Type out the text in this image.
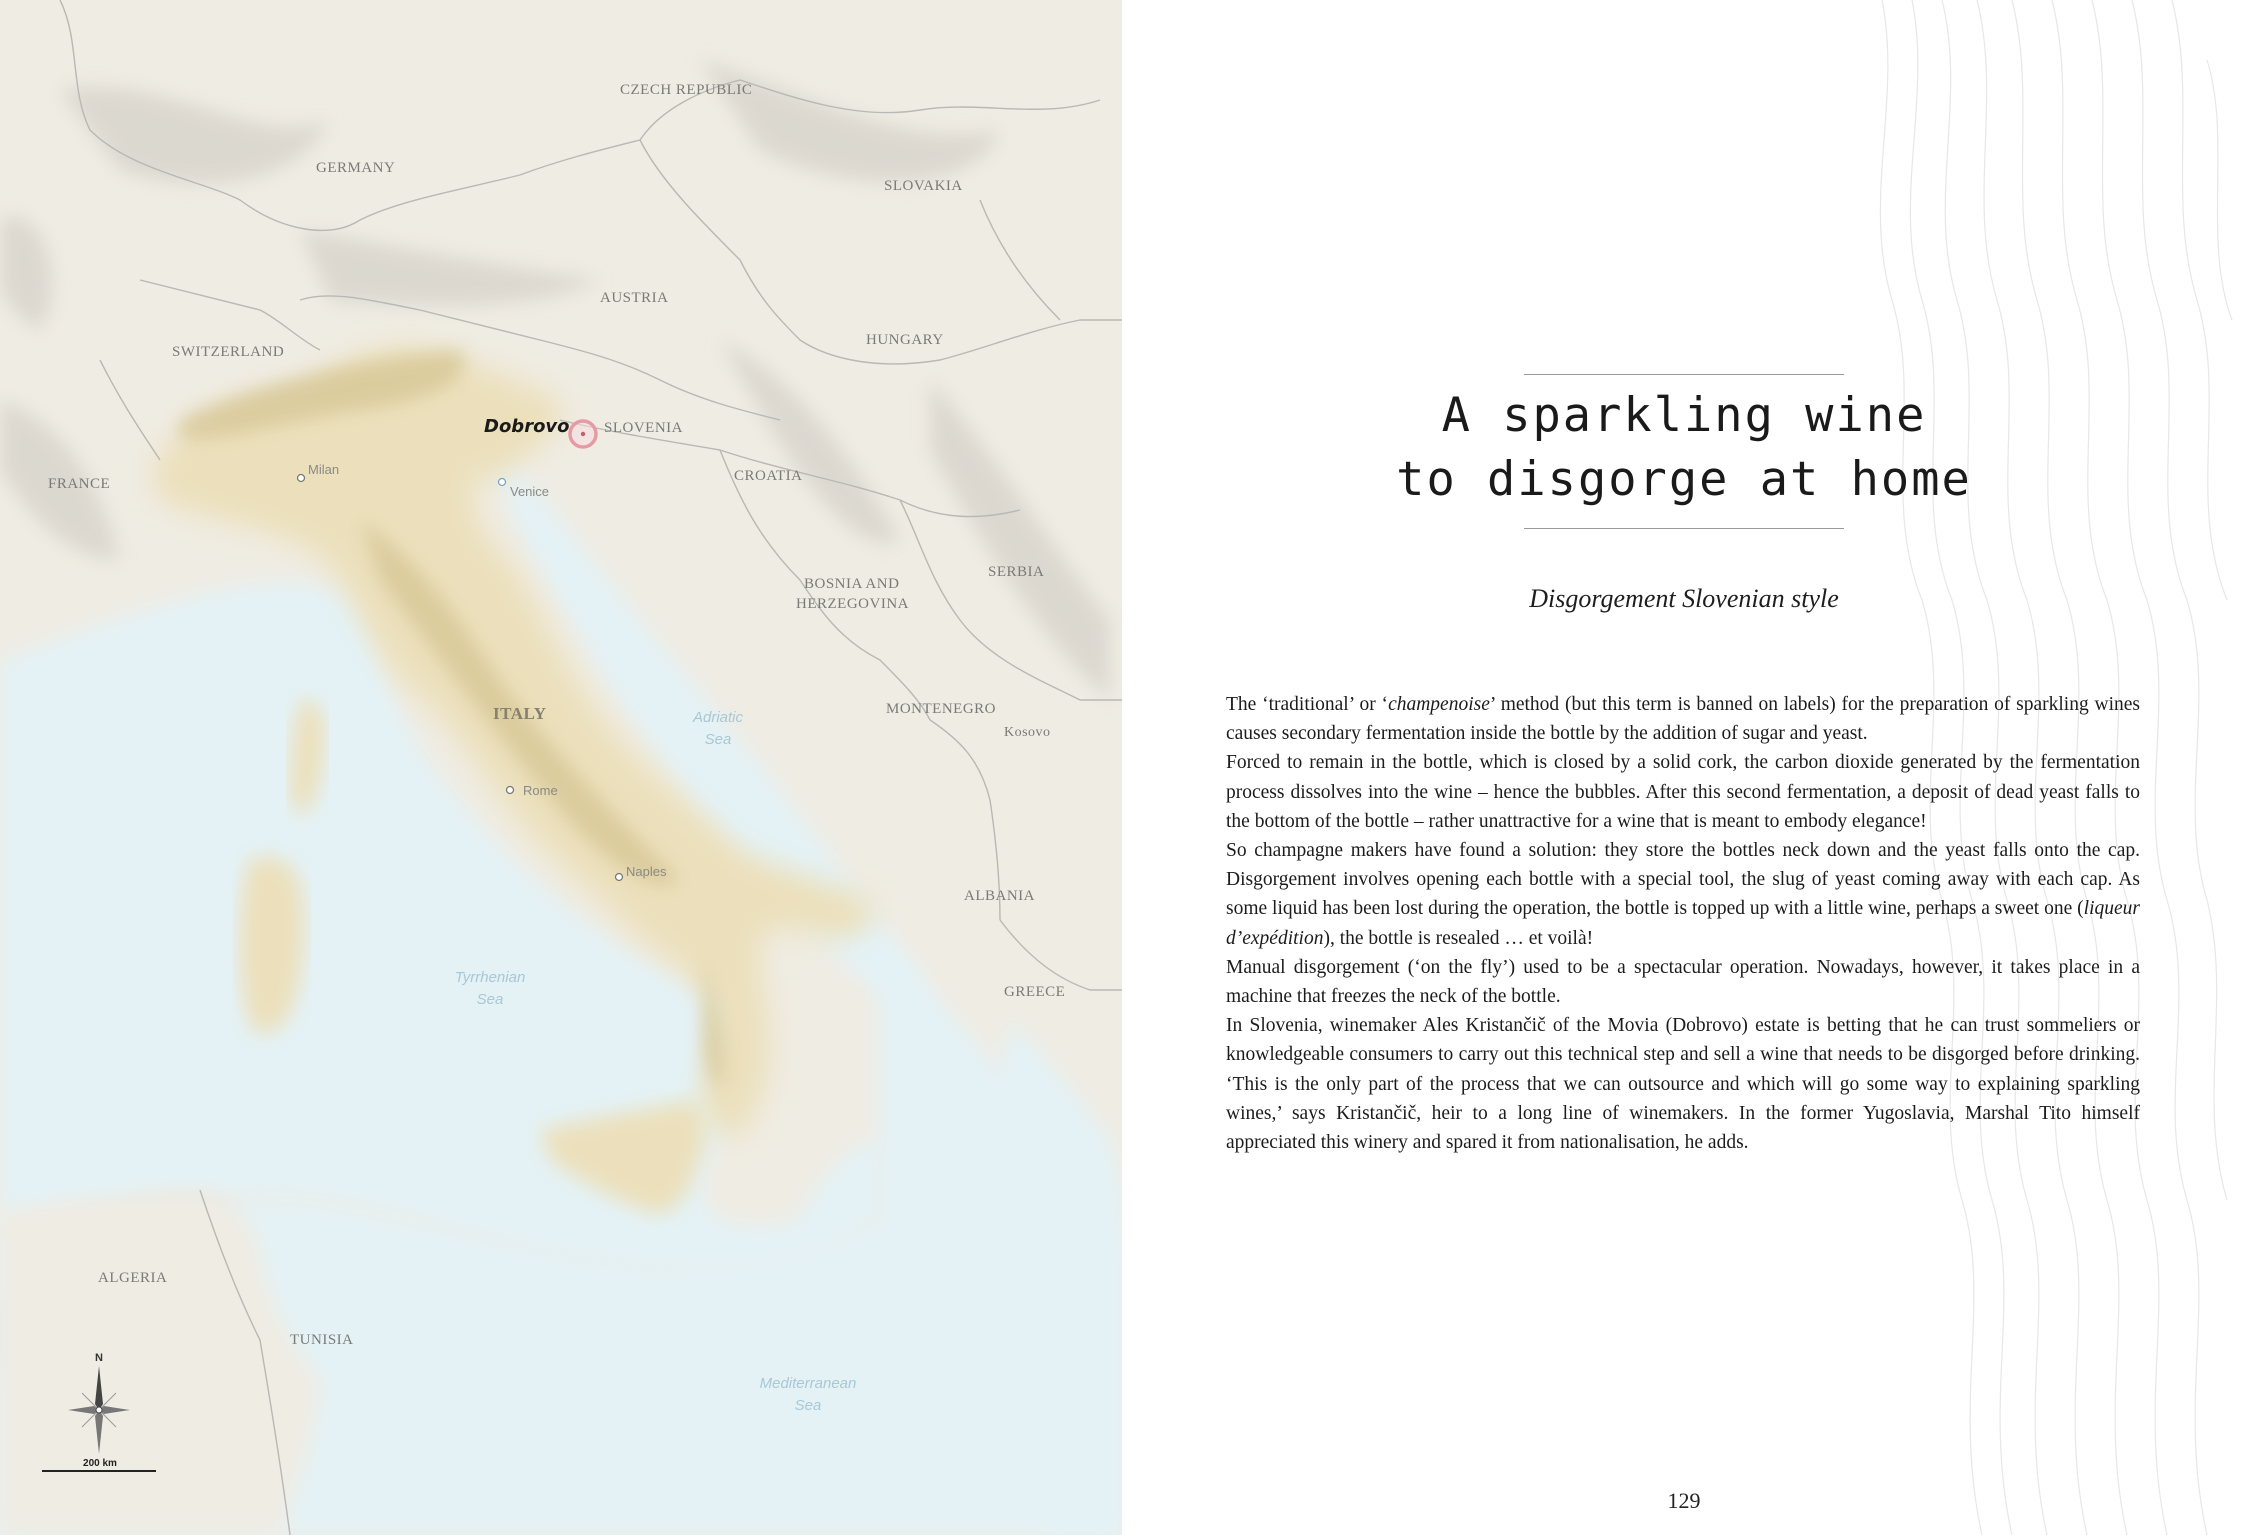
CZECH REPUBLIC
GERMANY
SLOVAKIA
AUSTRIA
HUNGARY
SWITZERLAND
SLOVENIA
FRANCE	CROATIA
BOSNIA AND
HERZEGOVINA
SERBIA
ITALY	MONTENEGRO
Kosovo
ALBANIA
GREECE
ALGERIA
TUNISIA
Adriatic
Sea
Tyrrhenian
Sea
Mediterranean
Sea
Milan
Venice
Rome
Naples
Dobrovo
N
200 km
A sparkling wine
to disgorge at home
Disgorgement Slovenian style

The ‘traditional’ or ‘champenoise’ method (but this term is banned on labels) for the preparation of sparkling wines causes secondary fermentation inside the bottle by the addition of sugar and yeast.

Forced to remain in the bottle, which is closed by a solid cork, the carbon dioxide generated by the fermentation process dissolves into the wine – hence the bubbles. After this second fermentation, a deposit of dead yeast falls to the bottom of the bottle – rather unattractive for a wine that is meant to embody elegance!

So champagne makers have found a solution: they store the bottles neck down and the yeast falls onto the cap. Disgorgement involves opening each bottle with a special tool, the slug of yeast coming away with each cap. As some liquid has been lost during the operation, the bottle is topped up with a little wine, perhaps a sweet one (liqueur d’expédition), the bottle is resealed … et voilà!

Manual disgorgement (‘on the fly’) used to be a spectacular operation. Nowadays, however, it takes place in a machine that freezes the neck of the bottle.

In Slovenia, winemaker Ales Kristančič of the Movia (Dobrovo) estate is betting that he can trust sommeliers or knowledgeable consumers to carry out this technical step and sell a wine that needs to be disgorged before drinking. ‘This is the only part of the process that we can outsource and which will go some way to explaining sparkling wines,’ says Kristančič, heir to a long line of winemakers. In the former Yugoslavia, Marshal Tito himself appreciated this winery and spared it from nationalisation, he adds.

129
